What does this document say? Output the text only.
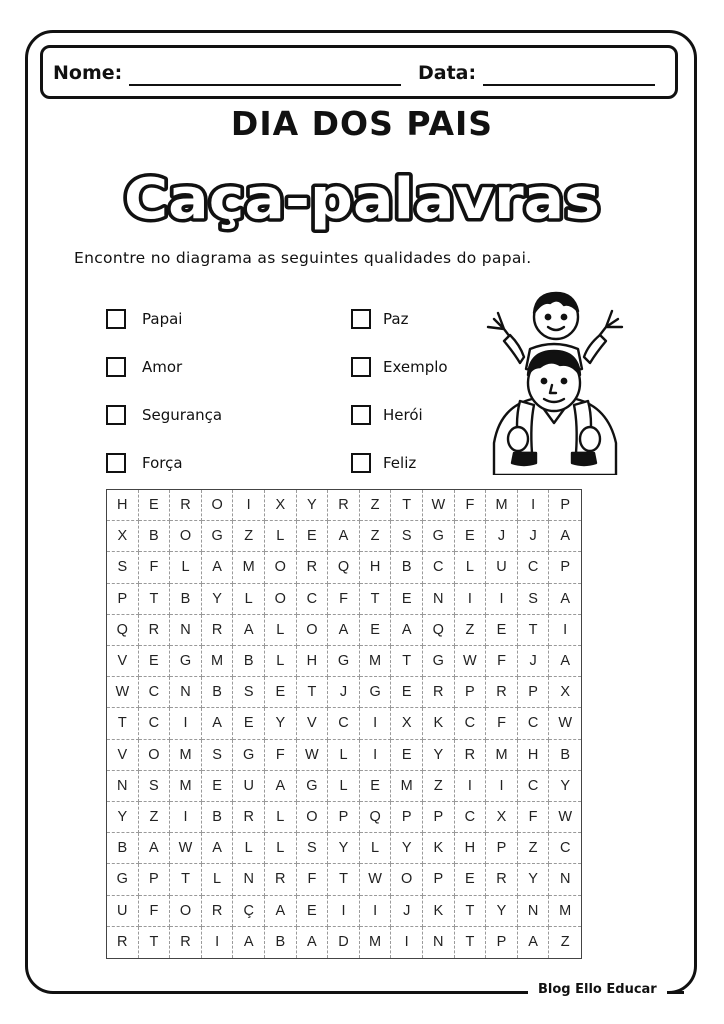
Nome:	Data:
DIA DOS PAIS
Caça-palavras
Encontre no diagrama as seguintes qualidades do papai.
Papai
Amor
Segurança
Força
Paz
Exemplo
Herói
Feliz
H	E	R	O	I	X	Y	R	Z	T	W	F	M	I	P
X	B	O	G	Z	L	E	A	Z	S	G	E	J	J	A
S	F	L	A	M	O	R	Q	H	B	C	L	U	C	P
P	T	B	Y	L	O	C	F	T	E	N	I	I	S	A
Q	R	N	R	A	L	O	A	E	A	Q	Z	E	T	I
V	E	G	M	B	L	H	G	M	T	G	W	F	J	A
W	C	N	B	S	E	T	J	G	E	R	P	R	P	X
T	C	I	A	E	Y	V	C	I	X	K	C	F	C	W
V	O	M	S	G	F	W	L	I	E	Y	R	M	H	B
N	S	M	E	U	A	G	L	E	M	Z	I	I	C	Y
Y	Z	I	B	R	L	O	P	Q	P	P	C	X	F	W
B	A	W	A	L	L	S	Y	L	Y	K	H	P	Z	C
G	P	T	L	N	R	F	T	W	O	P	E	R	Y	N
U	F	O	R	Ç	A	E	I	I	J	K	T	Y	N	M
R	T	R	I	A	B	A	D	M	I	N	T	P	A	Z
Blog Ello Educar
